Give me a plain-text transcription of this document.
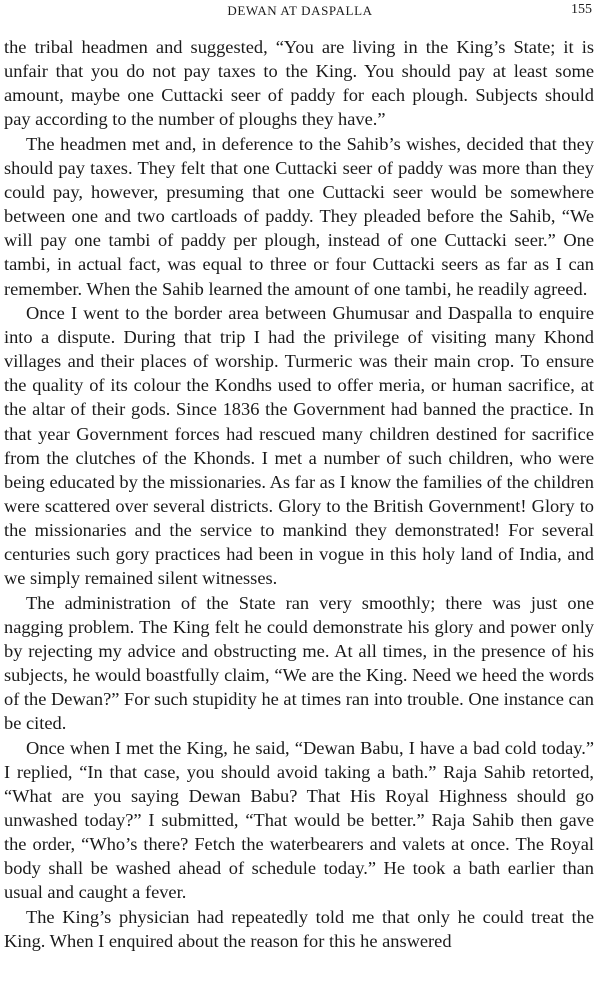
DEWAN AT DASPALLA	155

the tribal headmen and suggested, “You are living in the King’s State; it is unfair that you do not pay taxes to the King. You should pay at least some amount, maybe one Cuttacki seer of paddy for each plough. Subjects should pay according to the number of ploughs they have.”

The headmen met and, in deference to the Sahib’s wishes, decided that they should pay taxes. They felt that one Cuttacki seer of paddy was more than they could pay, however, presuming that one Cuttacki seer would be somewhere between one and two cartloads of paddy. They pleaded before the Sahib, “We will pay one tambi of paddy per plough, instead of one Cuttacki seer.” One tambi, in actual fact, was equal to three or four Cuttacki seers as far as I can remember. When the Sahib learned the amount of one tambi, he readily agreed.

Once I went to the border area between Ghumusar and Daspalla to enquire into a dispute. During that trip I had the privilege of visiting many Khond villages and their places of worship. Turmeric was their main crop. To ensure the quality of its colour the Kondhs used to offer meria, or human sacrifice, at the altar of their gods. Since 1836 the Government had banned the practice. In that year Government forces had rescued many children destined for sacrifice from the clutches of the Khonds. I met a number of such children, who were being educated by the missionaries. As far as I know the families of the children were scattered over several districts. Glory to the British Government! Glory to the missionaries and the service to mankind they demonstrated! For several centuries such gory practices had been in vogue in this holy land of India, and we simply remained silent witnesses.

The administration of the State ran very smoothly; there was just one nagging problem. The King felt he could demonstrate his glory and power only by rejecting my advice and obstructing me. At all times, in the presence of his subjects, he would boastfully claim, “We are the King. Need we heed the words of the Dewan?” For such stupidity he at times ran into trouble. One instance can be cited.

Once when I met the King, he said, “Dewan Babu, I have a bad cold today.” I replied, “In that case, you should avoid taking a bath.” Raja Sahib retorted, “What are you saying Dewan Babu? That His Royal Highness should go unwashed today?” I submitted, “That would be better.” Raja Sahib then gave the order, “Who’s there? Fetch the waterbearers and valets at once. The Royal body shall be washed ahead of schedule today.” He took a bath earlier than usual and caught a fever.

The King’s physician had repeatedly told me that only he could treat the King. When I enquired about the reason for this he answered
